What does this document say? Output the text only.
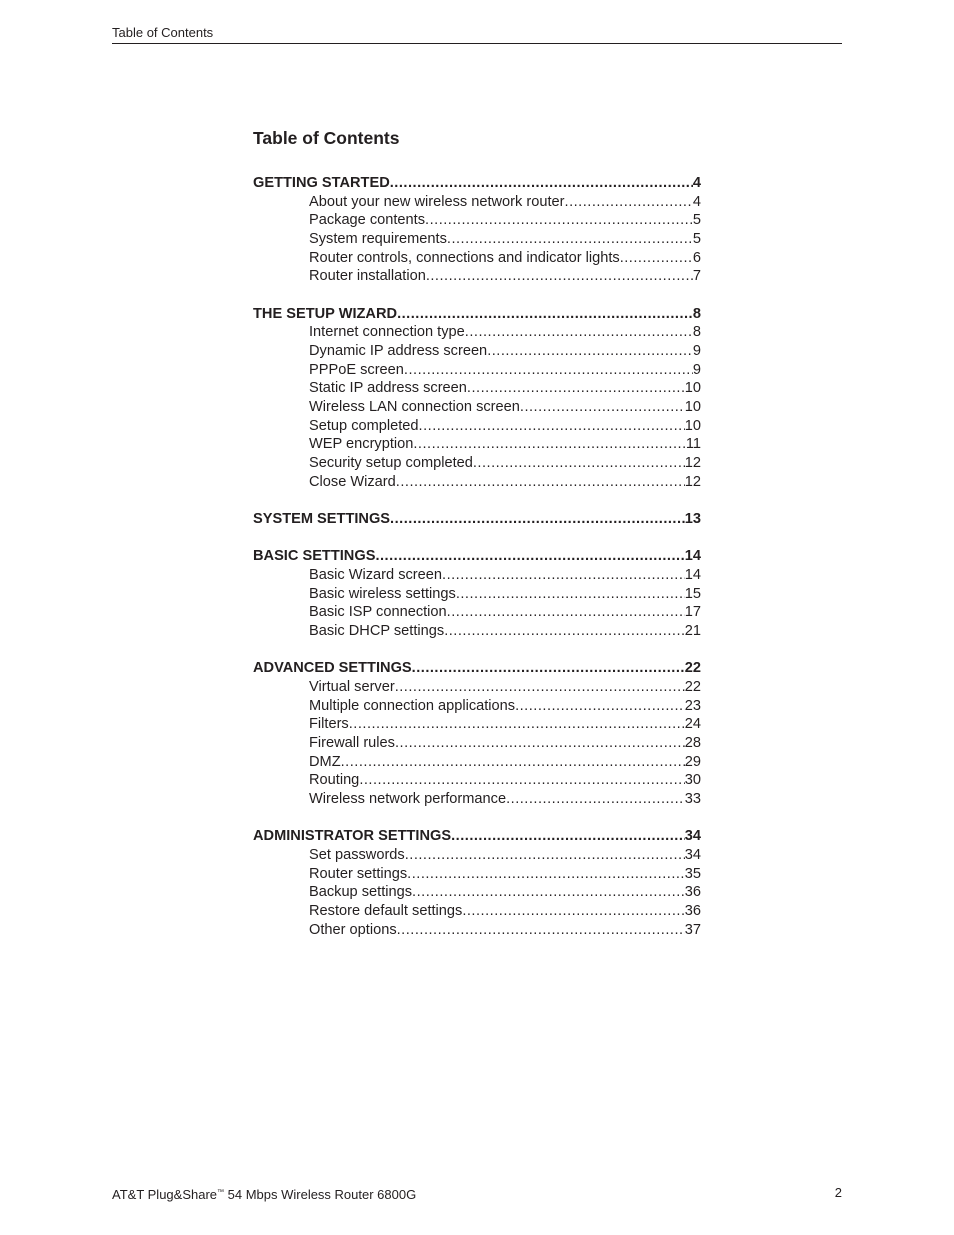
Table of Contents
Table of Contents
GETTING STARTED .....	4
About your new wireless network router .....	4
Package contents .....	5
System requirements .....	5
Router controls, connections and indicator lights .....	6
Router installation .....	7
THE SETUP WIZARD .....	8
Internet connection type .....	8
Dynamic IP address screen .....	9
PPPoE screen .....	9
Static IP address screen .....	10
Wireless LAN connection screen .....	10
Setup completed .....	10
WEP encryption .....	11
Security setup completed .....	12
Close Wizard .....	12
SYSTEM SETTINGS .....	13
BASIC SETTINGS .....	14
Basic Wizard screen .....	14
Basic wireless settings .....	15
Basic ISP connection .....	17
Basic DHCP settings .....	21
ADVANCED SETTINGS .....	22
Virtual server .....	22
Multiple connection applications .....	23
Filters .....	24
Firewall rules .....	28
DMZ .....	29
Routing .....	30
Wireless network performance .....	33
ADMINISTRATOR SETTINGS .....	34
Set passwords .....	34
Router settings .....	35
Backup settings .....	36
Restore default settings .....	36
Other options .....	37
AT&T Plug&Share™ 54 Mbps Wireless Router 6800G	2
